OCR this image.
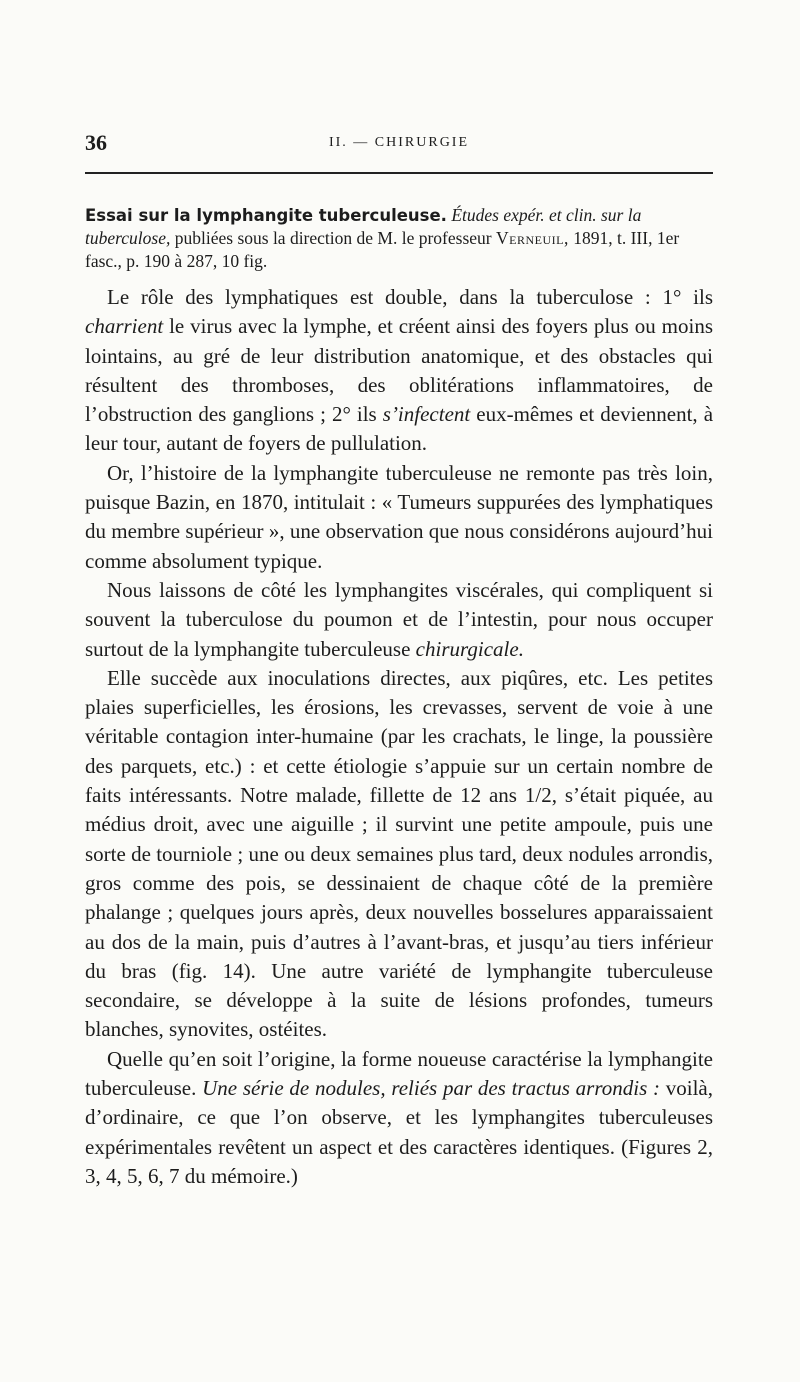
36	II. — CHIRURGIE
Essai sur la lymphangite tuberculeuse. Études expér. et clin. sur la tuberculose, publiées sous la direction de M. le professeur Verneuil, 1891, t. III, 1er fasc., p. 190 à 287, 10 fig.

Le rôle des lymphatiques est double, dans la tuberculose : 1° ils charrient le virus avec la lymphe, et créent ainsi des foyers plus ou moins lointains, au gré de leur distribution anatomique, et des obstacles qui résultent des thromboses, des oblitérations inflammatoires, de l’obstruction des ganglions ; 2° ils s’infectent eux-mêmes et deviennent, à leur tour, autant de foyers de pullulation.

Or, l’histoire de la lymphangite tuberculeuse ne remonte pas très loin, puisque Bazin, en 1870, intitulait : « Tumeurs suppurées des lymphatiques du membre supérieur », une observation que nous considérons aujourd’hui comme absolument typique.

Nous laissons de côté les lymphangites viscérales, qui compliquent si souvent la tuberculose du poumon et de l’intestin, pour nous occuper surtout de la lymphangite tuberculeuse chirurgicale.

Elle succède aux inoculations directes, aux piqûres, etc. Les petites plaies superficielles, les érosions, les crevasses, servent de voie à une véritable contagion inter-humaine (par les crachats, le linge, la poussière des parquets, etc.) : et cette étiologie s’appuie sur un certain nombre de faits intéressants. Notre malade, fillette de 12 ans 1/2, s’était piquée, au médius droit, avec une aiguille ; il survint une petite ampoule, puis une sorte de tourniole ; une ou deux semaines plus tard, deux nodules arrondis, gros comme des pois, se dessinaient de chaque côté de la première phalange ; quelques jours après, deux nouvelles bosselures apparaissaient au dos de la main, puis d’autres à l’avant-bras, et jusqu’au tiers inférieur du bras (fig. 14). Une autre variété de lymphangite tuberculeuse secondaire, se développe à la suite de lésions profondes, tumeurs blanches, synovites, ostéites.

Quelle qu’en soit l’origine, la forme noueuse caractérise la lymphangite tuberculeuse. Une série de nodules, reliés par des tractus arrondis : voilà, d’ordinaire, ce que l’on observe, et les lymphangites tuberculeuses expérimentales revêtent un aspect et des caractères identiques. (Figures 2, 3, 4, 5, 6, 7 du mémoire.)
